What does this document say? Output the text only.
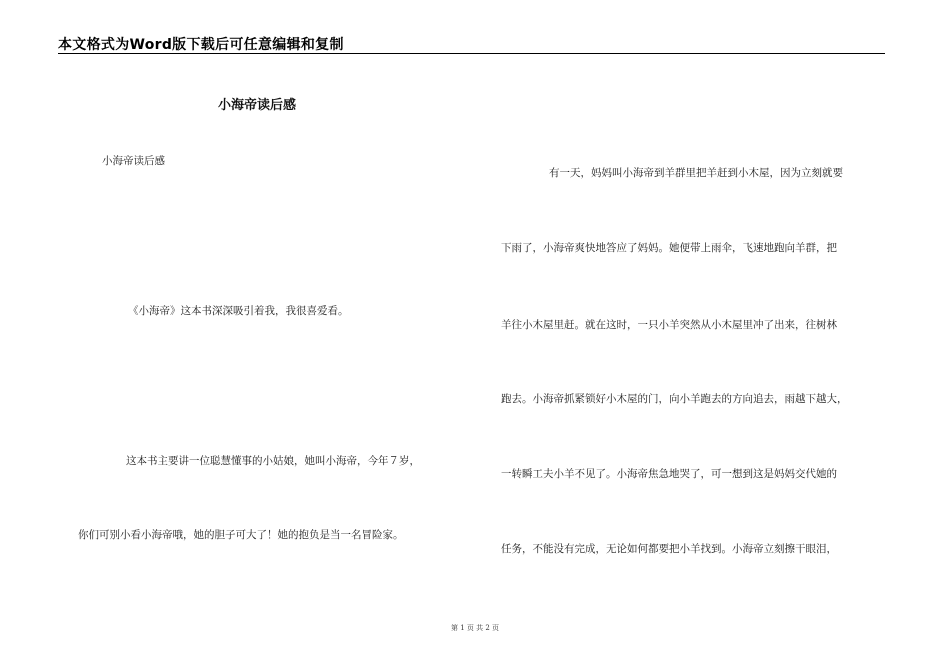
本文格式为Word版下载后可任意编辑和复制
小海帝读后感
小海帝读后感
《小海帝》这本书深深吸引着我，我很喜爱看。
这本书主要讲一位聪慧懂事的小姑娘，她叫小海帝，今年７岁，
你们可别小看小海帝哦，她的胆子可大了！她的抱负是当一名冒险家。
有一天，妈妈叫小海帝到羊群里把羊赶到小木屋，因为立刻就要
下雨了，小海帝爽快地答应了妈妈。她便带上雨伞，飞速地跑向羊群，把
羊往小木屋里赶。就在这时，一只小羊突然从小木屋里冲了出来，往树林
跑去。小海帝抓紧锁好小木屋的门，向小羊跑去的方向追去，雨越下越大，
一转瞬工夫小羊不见了。小海帝焦急地哭了，可一想到这是妈妈交代她的
任务，不能没有完成，无论如何都要把小羊找到。小海帝立刻擦干眼泪，
第 1 页 共 2 页
